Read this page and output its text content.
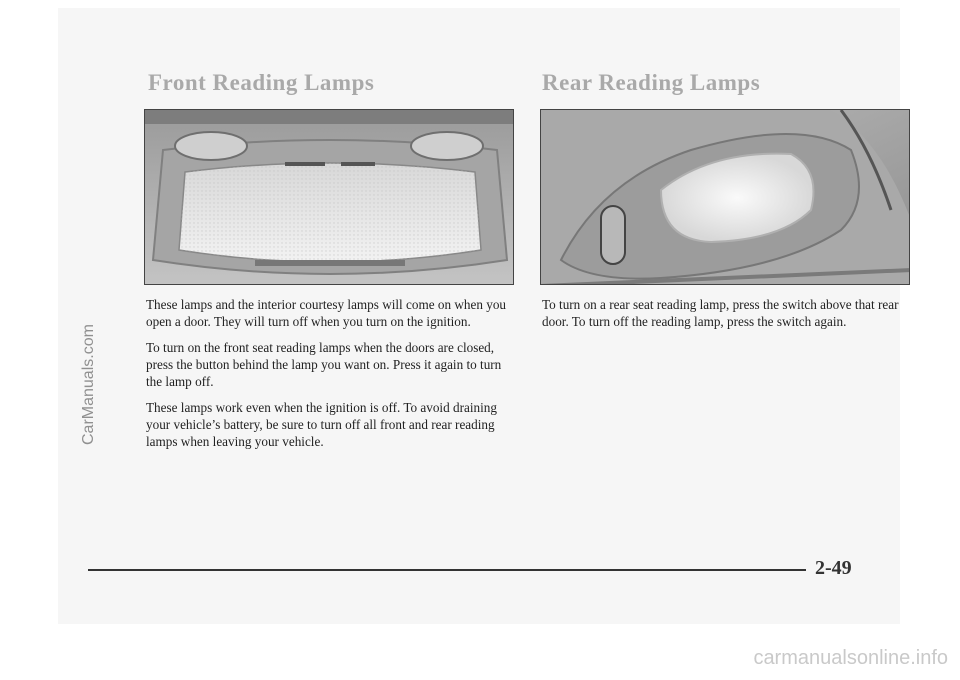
Front Reading Lamps	Rear Reading Lamps

These lamps and the interior courtesy lamps will come on when you open a door. They will turn off when you turn on the ignition.

To turn on the front seat reading lamps when the doors are closed, press the button behind the lamp you want on. Press it again to turn the lamp off.

These lamps work even when the ignition is off. To avoid draining your vehicle’s battery, be sure to turn off all front and rear reading lamps when leaving your vehicle.

To turn on a rear seat reading lamp, press the switch above that rear door. To turn off the reading lamp, press the switch again.

2-49
CarManuals.com
carmanualsonline.info
